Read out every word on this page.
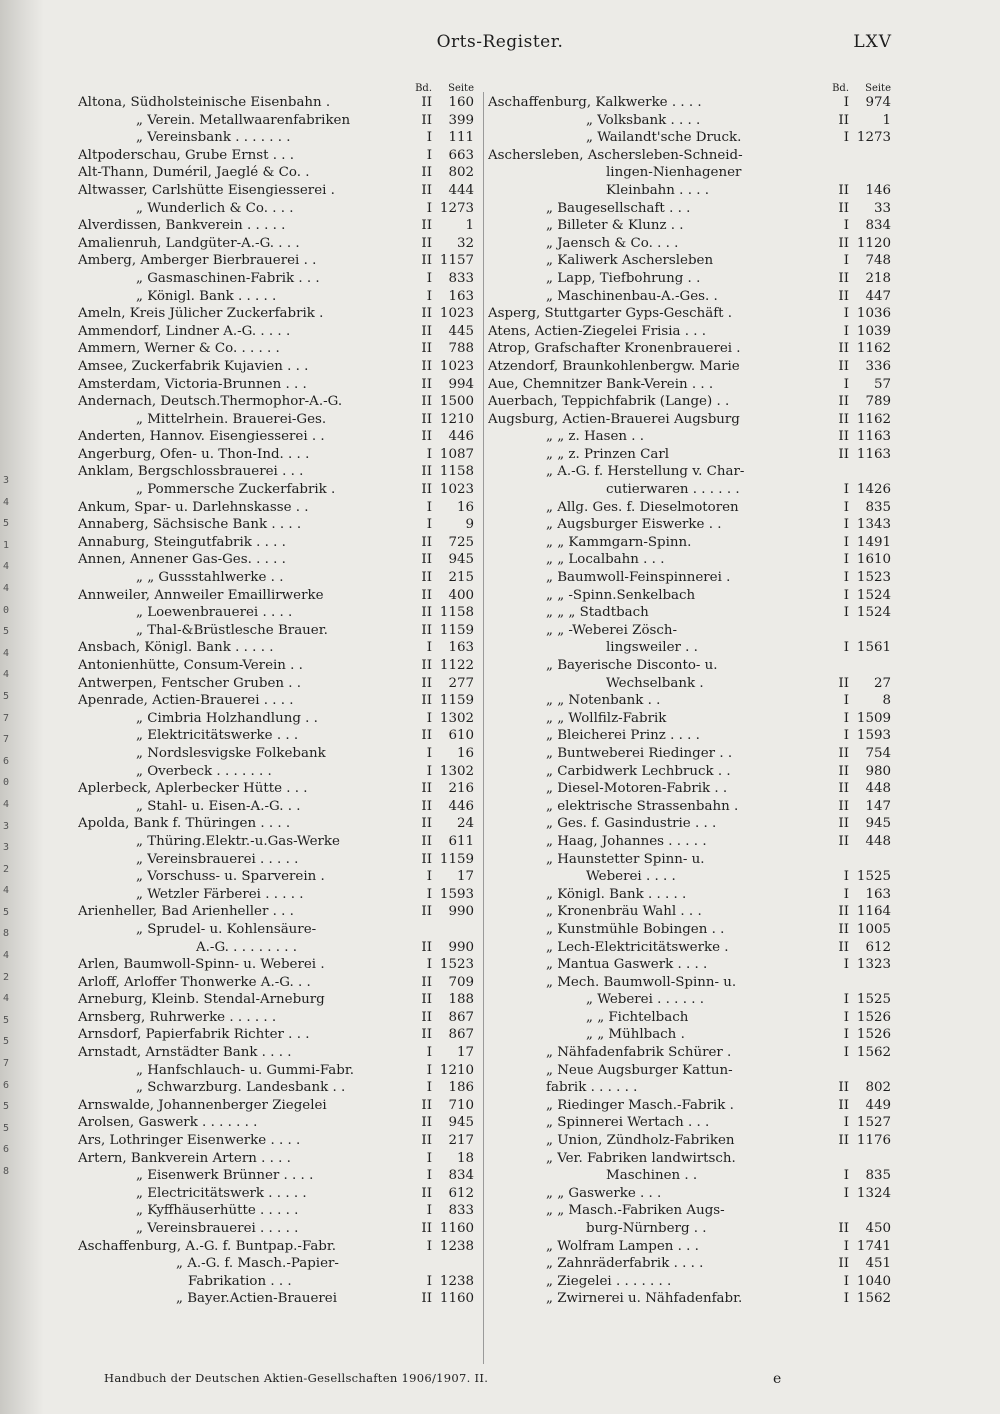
3
4
5
1
4
4
0
5
4
4
5
7
7
6
0
4
3
3
2
4
5
8
4
2
4
5
5
7
6
5
5
6
8
Orts-Register.	LXV
Bd.	Seite
Altona, Südholsteinische Eisenbahn .	II	160
„ Verein. Metallwaarenfabriken	II	399
„ Vereinsbank . . . . . . .	I	111
Altpoderschau, Grube Ernst . . .	I	663
Alt-Thann, Duméril, Jaeglé & Co. .	II	802
Altwasser, Carlshütte Eisengiesserei .	II	444
„ Wunderlich & Co. . . .	I 1273
Alverdissen, Bankverein . . . . .	II	1
Amalienruh, Landgüter-A.-G. . . .	II	32
Amberg, Amberger Bierbrauerei . .	II 1157
„ Gasmaschinen-Fabrik . . .	I	833
„ Königl. Bank . . . . .	I	163
Ameln, Kreis Jülicher Zuckerfabrik .	II 1023
Ammendorf, Lindner A.-G. . . . .	II	445
Ammern, Werner & Co. . . . . .	II	788
Amsee, Zuckerfabrik Kujavien . . .	II 1023
Amsterdam, Victoria-Brunnen . . .	II	994
Andernach, Deutsch.Thermophor-A.-G.	II 1500
„ Mittelrhein. Brauerei-Ges.	II 1210
Anderten, Hannov. Eisengiesserei . .	II	446
Angerburg, Ofen- u. Thon-Ind. . . .	I 1087
Anklam, Bergschlossbrauerei . . .	II 1158
„ Pommersche Zuckerfabrik .	II 1023
Ankum, Spar- u. Darlehnskasse . .	I	16
Annaberg, Sächsische Bank . . . .	I	9
Annaburg, Steingutfabrik . . . .	II	725
Annen, Annener Gas-Ges. . . . .	II	945
„ „ Gussstahlwerke . .	II	215
Annweiler, Annweiler Emaillirwerke	II	400
„ Loewenbrauerei . . . .	II 1158
„ Thal-&Brüstlesche Brauer.	II 1159
Ansbach, Königl. Bank . . . . .	I	163
Antonienhütte, Consum-Verein . .	II 1122
Antwerpen, Fentscher Gruben . .	II	277
Apenrade, Actien-Brauerei . . . .	II 1159
„ Cimbria Holzhandlung . .	I 1302
„ Elektricitätswerke . . .	II	610
„ Nordslesvigske Folkebank	I	16
„ Overbeck . . . . . . .	I 1302
Aplerbeck, Aplerbecker Hütte . . .	II	216
„ Stahl- u. Eisen-A.-G. . .	II	446
Apolda, Bank f. Thüringen . . . .	II	24
„ Thüring.Elektr.-u.Gas-Werke	II	611
„ Vereinsbrauerei . . . . .	II 1159
„ Vorschuss- u. Sparverein .	I	17
„ Wetzler Färberei . . . . .	I 1593
Arienheller, Bad Arienheller . . .	II	990
„ Sprudel- u. Kohlensäure-
A.-G. . . . . . . . .	II	990
Arlen, Baumwoll-Spinn- u. Weberei .	I 1523
Arloff, Arloffer Thonwerke A.-G. . .	II	709
Arneburg, Kleinb. Stendal-Arneburg	II	188
Arnsberg, Ruhrwerke . . . . . .	II	867
Arnsdorf, Papierfabrik Richter . . .	II	867
Arnstadt, Arnstädter Bank . . . .	I	17
„ Hanfschlauch- u. Gummi-Fabr.	I 1210
„ Schwarzburg. Landesbank . .	I	186
Arnswalde, Johannenberger Ziegelei	II	710
Arolsen, Gaswerk . . . . . . .	II	945
Ars, Lothringer Eisenwerke . . . .	II	217
Artern, Bankverein Artern . . . .	I	18
„ Eisenwerk Brünner . . . .	I	834
„ Electricitätswerk . . . . .	II	612
„ Kyffhäuserhütte . . . . .	I	833
„ Vereinsbrauerei . . . . .	II 1160
Aschaffenburg, A.-G. f. Buntpap.-Fabr.	I 1238
„ A.-G. f. Masch.-Papier-
Fabrikation . . .	I 1238
„ Bayer.Actien-Brauerei	II 1160
Bd.	Seite
Aschaffenburg, Kalkwerke . . . .	I	974
„ Volksbank . . . .	II	1
„ Wailandt'sche Druck.	I 1273
Aschersleben, Aschersleben-Schneid-
lingen-Nienhagener
Kleinbahn . . . .	II	146
„ Baugesellschaft . . .	II	33
„ Billeter & Klunz . .	I	834
„ Jaensch & Co. . . .	II 1120
„ Kaliwerk Aschersleben	I	748
„ Lapp, Tiefbohrung . .	II	218
„ Maschinenbau-A.-Ges. .	II	447
Asperg, Stuttgarter Gyps-Geschäft .	I 1036
Atens, Actien-Ziegelei Frisia . . .	I 1039
Atrop, Grafschafter Kronenbrauerei .	II 1162
Atzendorf, Braunkohlenbergw. Marie	II	336
Aue, Chemnitzer Bank-Verein . . .	I	57
Auerbach, Teppichfabrik (Lange) . .	II	789
Augsburg, Actien-Brauerei Augsburg	II 1162
„ „ z. Hasen . .	II 1163
„ „ z. Prinzen Carl	II 1163
„ A.-G. f. Herstellung v. Char-
cutierwaren . . . . . .	I 1426
„ Allg. Ges. f. Dieselmotoren	I	835
„ Augsburger Eiswerke . .	I 1343
„ „ Kammgarn-Spinn.	I 1491
„ „ Localbahn . . .	I 1610
„ Baumwoll-Feinspinnerei .	I 1523
„ „ -Spinn.Senkelbach	I 1524
„ „ „ Stadtbach	I 1524
„ „ -Weberei Zösch-
lingsweiler . .	I 1561
„ Bayerische Disconto- u.
Wechselbank .	II	27
„ „ Notenbank . .	I	8
„ „ Wollfilz-Fabrik	I 1509
„ Bleicherei Prinz . . . .	I 1593
„ Buntweberei Riedinger . .	II	754
„ Carbidwerk Lechbruck . .	II	980
„ Diesel-Motoren-Fabrik . .	II	448
„ elektrische Strassenbahn .	II	147
„ Ges. f. Gasindustrie . . .	II	945
„ Haag, Johannes . . . . .	II	448
„ Haunstetter Spinn- u.
Weberei . . . .	I 1525
„ Königl. Bank . . . . .	I	163
„ Kronenbräu Wahl . . .	II 1164
„ Kunstmühle Bobingen . .	II 1005
„ Lech-Elektricitätswerke .	II	612
„ Mantua Gaswerk . . . .	I 1323
„ Mech. Baumwoll-Spinn- u.
„ Weberei . . . . . .	I 1525
„ „ Fichtelbach	I 1526
„ „ Mühlbach .	I 1526
„ Nähfadenfabrik Schürer .	I 1562
„ Neue Augsburger Kattun-
fabrik . . . . . .	II	802
„ Riedinger Masch.-Fabrik .	II	449
„ Spinnerei Wertach . . .	I 1527
„ Union, Zündholz-Fabriken	II 1176
„ Ver. Fabriken landwirtsch.
Maschinen . .	I	835
„ „ Gaswerke . . .	I 1324
„ „ Masch.-Fabriken Augs-
burg-Nürnberg . .	II	450
„ Wolfram Lampen . . .	I 1741
„ Zahnräderfabrik . . . .	II	451
„ Ziegelei . . . . . . .	I 1040
„ Zwirnerei u. Nähfadenfabr.	I 1562
Handbuch der Deutschen Aktien-Gesellschaften 1906/1907. II.	e
